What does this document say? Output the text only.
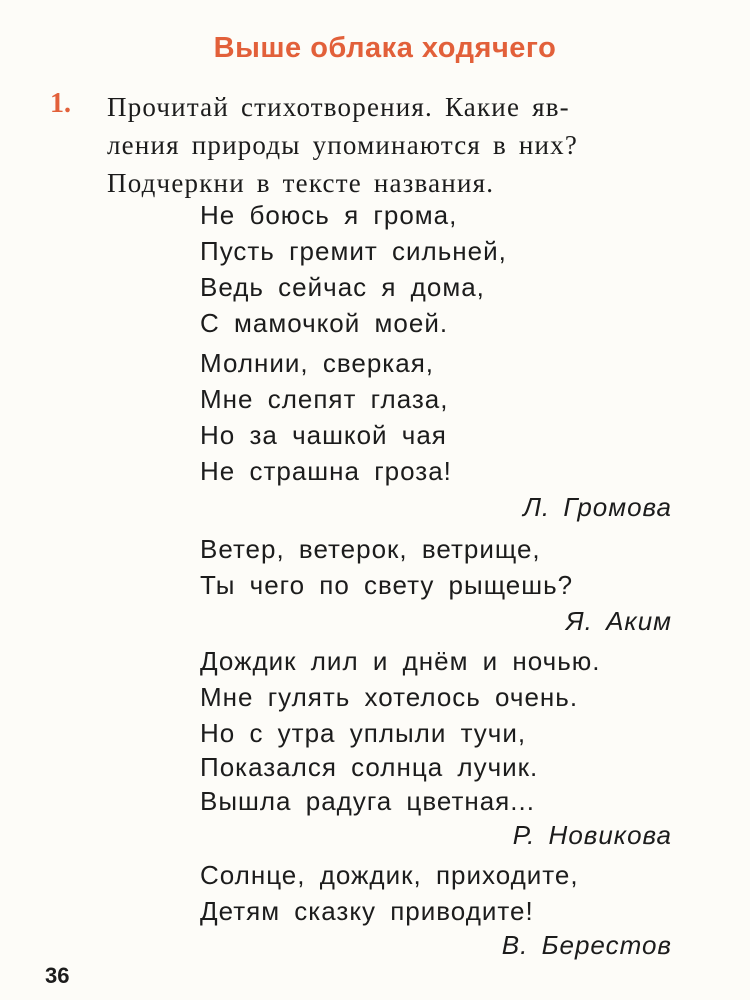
Выше облака ходячего
1. Прочитай стихотворения. Какие яв-
ления природы упоминаются в них?
Подчеркни в тексте названия.
Не боюсь я грома,
Пусть гремит сильней,
Ведь сейчас я дома,
С мамочкой моей.
Молнии, сверкая,
Мне слепят глаза,
Но за чашкой чая
Не страшна гроза!
Л. Громова
Ветер, ветерок, ветрище,
Ты чего по свету рыщешь?
Я. Аким
Дождик лил и днём и ночью.
Мне гулять хотелось очень.
Но с утра уплыли тучи,
Показался солнца лучик.
Вышла радуга цветная...
Р. Новикова
Солнце, дождик, приходите,
Детям сказку приводите!
В. Берестов
36
